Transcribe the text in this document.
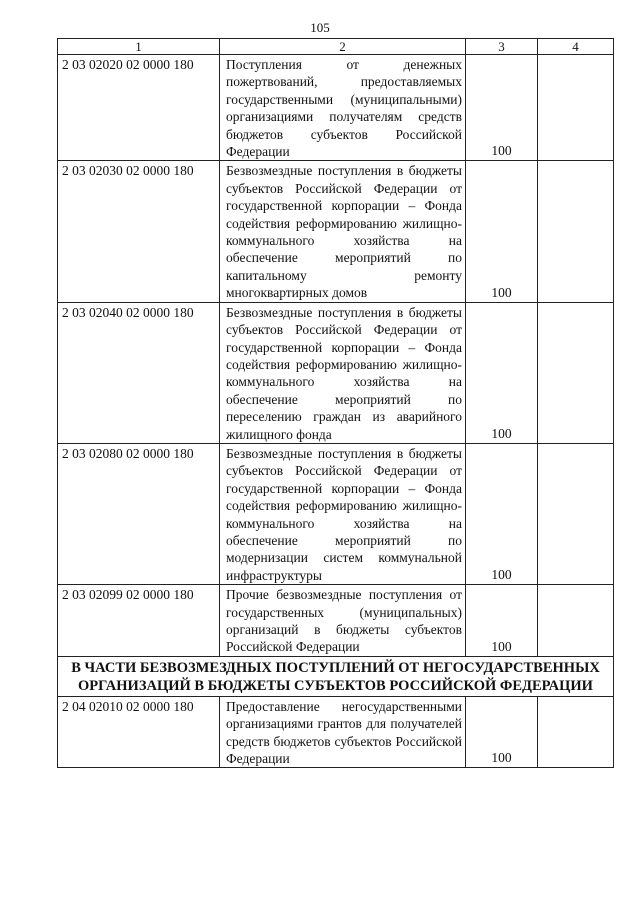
105
1	2	3	4
2 03 02020 02 0000 180	Поступления от денежных пожертвований, предоставляемых государственными (муниципальными) организациями получателям средств бюджетов субъектов Российской Федерации	100	
2 03 02030 02 0000 180	Безвозмездные поступления в бюджеты субъектов Российской Федерации от государственной корпорации – Фонда содействия реформированию жилищно-коммунального хозяйства на обеспечение мероприятий по капитальному ремонту многоквартирных домов	100	
2 03 02040 02 0000 180	Безвозмездные поступления в бюджеты субъектов Российской Федерации от государственной корпорации – Фонда содействия реформированию жилищно-коммунального хозяйства на обеспечение мероприятий по переселению граждан из аварийного жилищного фонда	100	
2 03 02080 02 0000 180	Безвозмездные поступления в бюджеты субъектов Российской Федерации от государственной корпорации – Фонда содействия реформированию жилищно-коммунального хозяйства на обеспечение мероприятий по модернизации систем коммунальной инфраструктуры	100	
2 03 02099 02 0000 180	Прочие безвозмездные поступления от государственных (муниципальных) организаций в бюджеты субъектов Российской Федерации	100	
В ЧАСТИ БЕЗВОЗМЕЗДНЫХ ПОСТУПЛЕНИЙ ОТ НЕГОСУДАРСТВЕННЫХ ОРГАНИЗАЦИЙ В БЮДЖЕТЫ СУБЪЕКТОВ РОССИЙСКОЙ ФЕДЕРАЦИИ			
2 04 02010 02 0000 180	Предоставление негосударственными организациями грантов для получателей средств бюджетов субъектов Российской Федерации	100	
